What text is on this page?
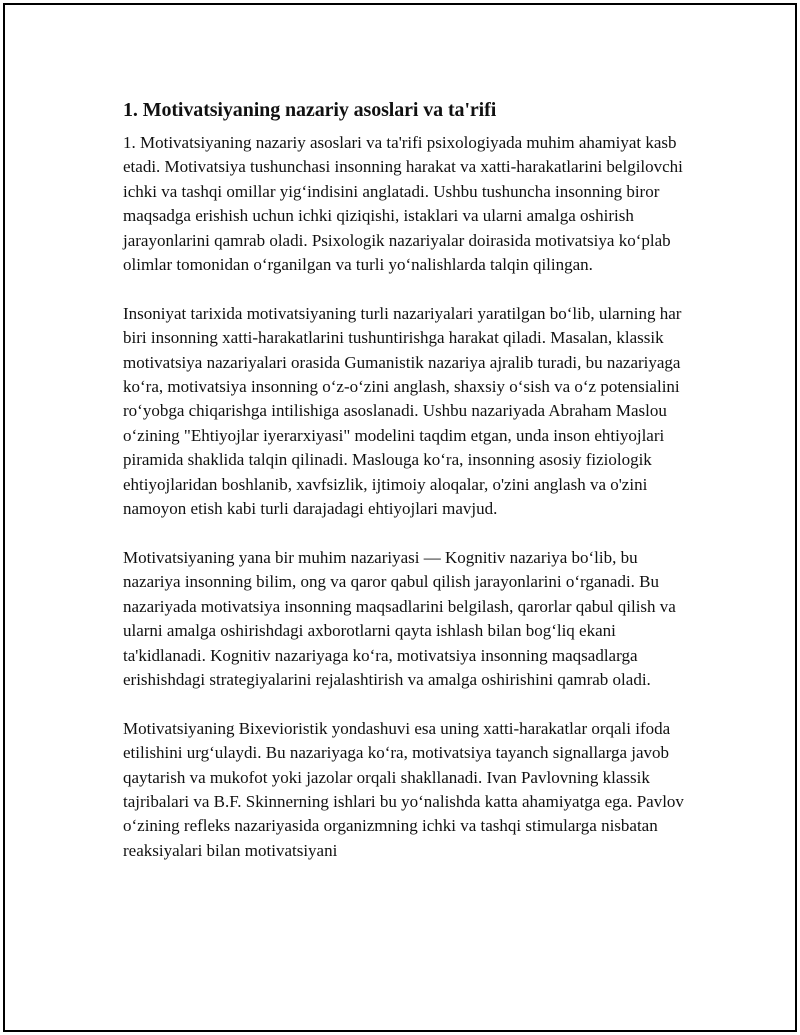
1. Motivatsiyaning nazariy asoslari va ta'rifi

1. Motivatsiyaning nazariy asoslari va ta'rifi psixologiyada muhim ahamiyat kasb etadi. Motivatsiya tushunchasi insonning harakat va xatti-harakatlarini belgilovchi ichki va tashqi omillar yig‘indisini anglatadi. Ushbu tushuncha insonning biror maqsadga erishish uchun ichki qiziqishi, istaklari va ularni amalga oshirish jarayonlarini qamrab oladi. Psixologik nazariyalar doirasida motivatsiya ko‘plab olimlar tomonidan o‘rganilgan va turli yo‘nalishlarda talqin qilingan.

Insoniyat tarixida motivatsiyaning turli nazariyalari yaratilgan bo‘lib, ularning har biri insonning xatti-harakatlarini tushuntirishga harakat qiladi. Masalan, klassik motivatsiya nazariyalari orasida Gumanistik nazariya ajralib turadi, bu nazariyaga ko‘ra, motivatsiya insonning o‘z-o‘zini anglash, shaxsiy o‘sish va o‘z potensialini ro‘yobga chiqarishga intilishiga asoslanadi. Ushbu nazariyada Abraham Maslou o‘zining "Ehtiyojlar iyerarxiyasi" modelini taqdim etgan, unda inson ehtiyojlari piramida shaklida talqin qilinadi. Maslouga ko‘ra, insonning asosiy fiziologik ehtiyojlaridan boshlanib, xavfsizlik, ijtimoiy aloqalar, o'zini anglash va o'zini namoyon etish kabi turli darajadagi ehtiyojlari mavjud.

Motivatsiyaning yana bir muhim nazariyasi — Kognitiv nazariya bo‘lib, bu nazariya insonning bilim, ong va qaror qabul qilish jarayonlarini o‘rganadi. Bu nazariyada motivatsiya insonning maqsadlarini belgilash, qarorlar qabul qilish va ularni amalga oshirishdagi axborotlarni qayta ishlash bilan bog‘liq ekani ta'kidlanadi. Kognitiv nazariyaga ko‘ra, motivatsiya insonning maqsadlarga erishishdagi strategiyalarini rejalashtirish va amalga oshirishini qamrab oladi.

Motivatsiyaning Bixevioristik yondashuvi esa uning xatti-harakatlar orqali ifoda etilishini urg‘ulaydi. Bu nazariyaga ko‘ra, motivatsiya tayanch signallarga javob qaytarish va mukofot yoki jazolar orqali shakllanadi. Ivan Pavlovning klassik tajribalari va B.F. Skinnerning ishlari bu yo‘nalishda katta ahamiyatga ega. Pavlov o‘zining refleks nazariyasida organizmning ichki va tashqi stimularga nisbatan reaksiyalari bilan motivatsiyani
